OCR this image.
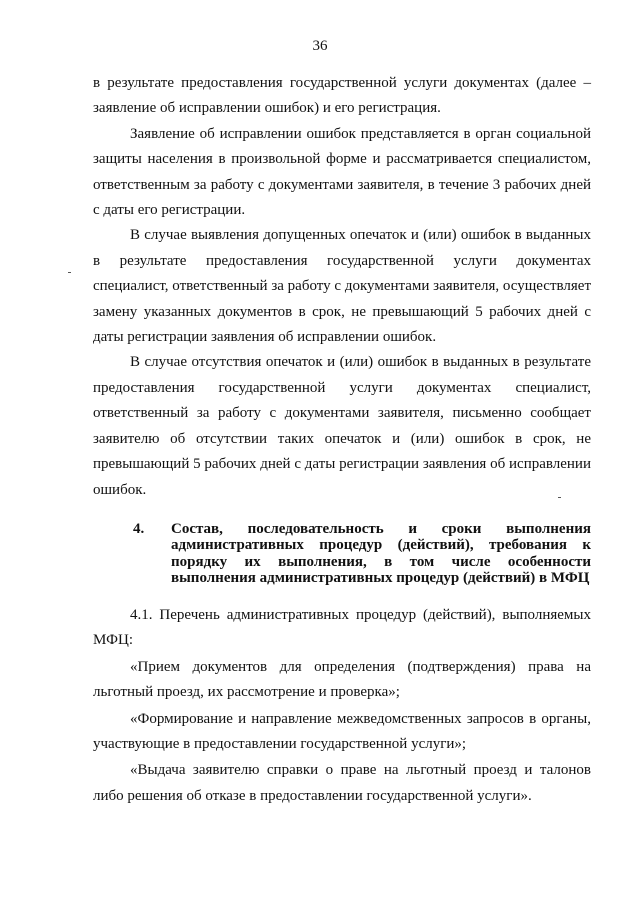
36

в результате предоставления государственной услуги документах (далее – заявление об исправлении ошибок) и его регистрация.

Заявление об исправлении ошибок представляется в орган социальной защиты населения в произвольной форме и рассматривается специалистом, ответственным за работу с документами заявителя, в течение 3 рабочих дней с даты его регистрации.

В случае выявления допущенных опечаток и (или) ошибок в выданных в результате предоставления государственной услуги документах специалист, ответственный за работу с документами заявителя, осуществляет замену указанных документов в срок, не превышающий 5 рабочих дней с даты регистрации заявления об исправлении ошибок.

В случае отсутствия опечаток и (или) ошибок в выданных в результате предоставления государственной услуги документах специалист, ответственный за работу с документами заявителя, письменно сообщает заявителю об отсутствии таких опечаток и (или) ошибок в срок, не превышающий 5 рабочих дней с даты регистрации заявления об исправлении ошибок.

4. Состав, последовательность и сроки выполнения административных процедур (действий), требования к порядку их выполнения, в том числе особенности выполнения административных процедур (действий) в МФЦ

4.1. Перечень административных процедур (действий), выполняемых МФЦ:

«Прием документов для определения (подтверждения) права на льготный проезд, их рассмотрение и проверка»;

«Формирование и направление межведомственных запросов в органы, участвующие в предоставлении государственной услуги»;

«Выдача заявителю справки о праве на льготный проезд и талонов либо решения об отказе в предоставлении государственной услуги».
